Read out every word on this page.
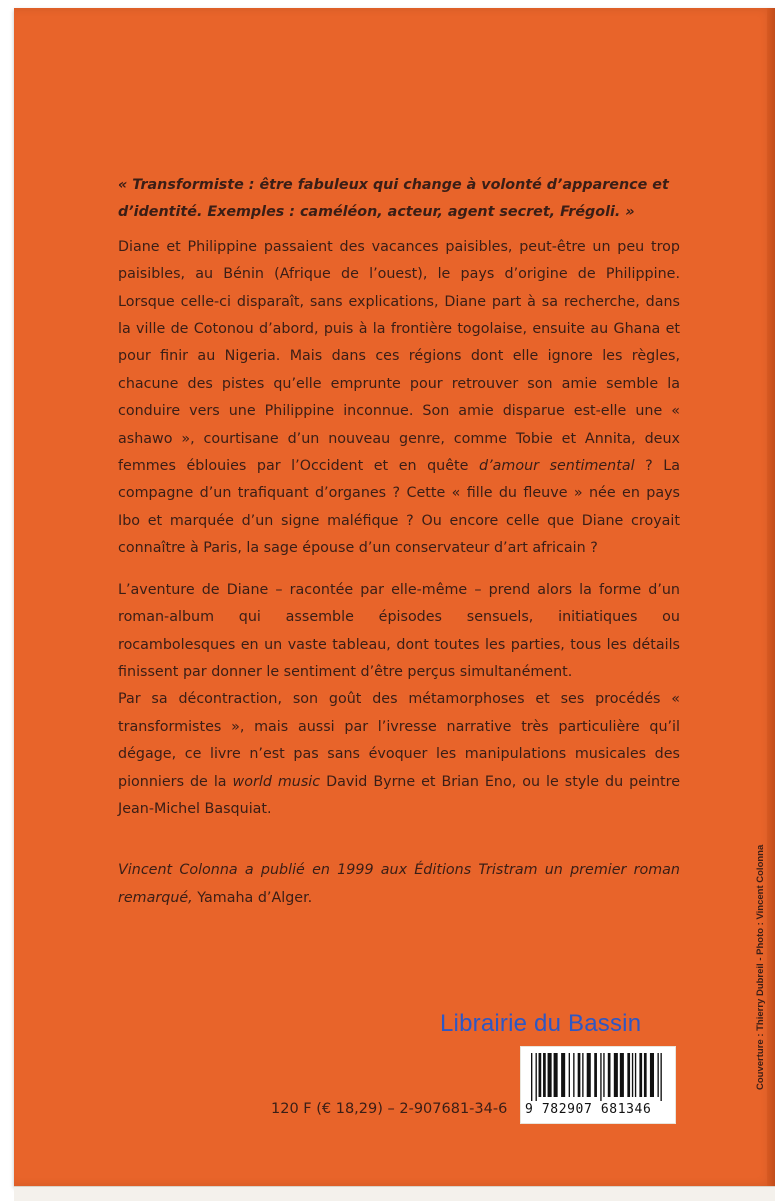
« Transformiste : être fabuleux qui change à volonté d’apparence et
d’identité. Exemples : caméléon, acteur, agent secret, Frégoli. »

Diane et Philippine passaient des vacances paisibles, peut-être un peu trop paisibles, au Bénin (Afrique de l’ouest), le pays d’origine de Philippine. Lorsque celle-ci disparaît, sans explications, Diane part à sa recherche, dans la ville de Cotonou d’abord, puis à la frontière togolaise, ensuite au Ghana et pour finir au Nigeria. Mais dans ces régions dont elle ignore les règles, chacune des pistes qu’elle emprunte pour retrouver son amie semble la conduire vers une Philippine inconnue. Son amie disparue est-elle une « ashawo », courtisane d’un nouveau genre, comme Tobie et Annita, deux femmes éblouies par l’Occident et en quête d’amour sentimental ? La compagne d’un trafiquant d’organes ? Cette « fille du fleuve » née en pays Ibo et marquée d’un signe maléfique ? Ou encore celle que Diane croyait connaître à Paris, la sage épouse d’un conservateur d’art africain ?

L’aventure de Diane – racontée par elle-même – prend alors la forme d’un roman-album qui assemble épisodes sensuels, initiatiques ou rocambolesques en un vaste tableau, dont toutes les parties, tous les détails finissent par donner le sentiment d’être perçus simultanément.

Par sa décontraction, son goût des métamorphoses et ses procédés « transformistes », mais aussi par l’ivresse narrative très particulière qu’il dégage, ce livre n’est pas sans évoquer les manipulations musicales des pionniers de la world music David Byrne et Brian Eno, ou le style du peintre Jean-Michel Basquiat.

Vincent Colonna a publié en 1999 aux Éditions Tristram un premier roman remarqué, Yamaha d’Alger.

Librairie du Bassin
120 F (€ 18,29) – 2-907681-34-6 9 782907 681346
Couverture : Thierry Dubreil - Photo : Vincent Colonna
